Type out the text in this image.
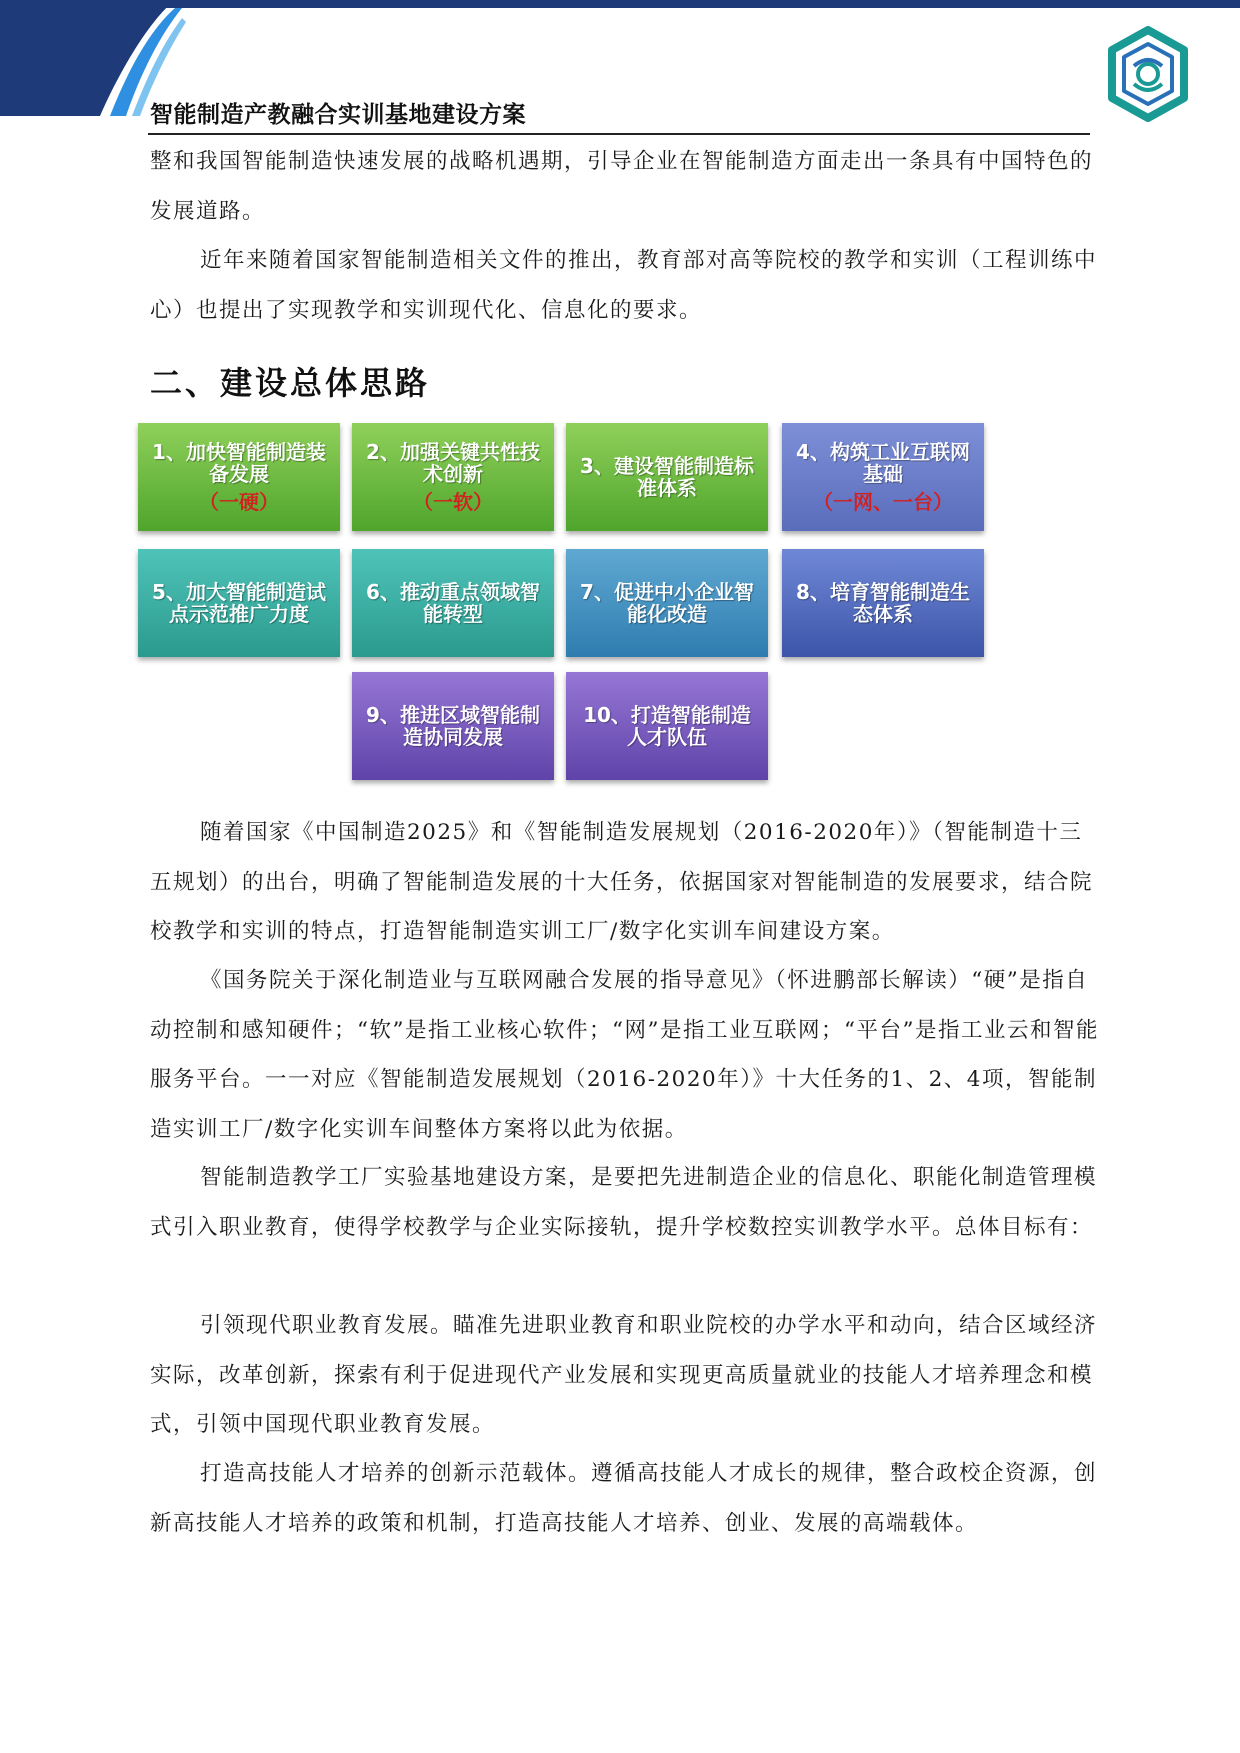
智能制造产教融合实训基地建设方案
整和我国智能制造快速发展的战略机遇期，引导企业在智能制造方面走出一条具有中国特色的发展道路。
近年来随着国家智能制造相关文件的推出，教育部对高等院校的教学和实训（工程训练中心）也提出了实现教学和实训现代化、信息化的要求。
二、建设总体思路
1、加快智能制造装备发展
（一硬）
2、加强关键共性技术创新
（一软）
3、建设智能制造标准体系
4、构筑工业互联网基础
（一网、一台）
5、加大智能制造试点示范推广力度
6、推动重点领域智能转型
7、促进中小企业智能化改造
8、培育智能制造生态体系
9、推进区域智能制造协同发展
10、打造智能制造人才队伍
随着国家《中国制造2025》和《智能制造发展规划（2016-2020年）》（智能制造十三五规划）的出台，明确了智能制造发展的十大任务，依据国家对智能制造的发展要求，结合院校教学和实训的特点，打造智能制造实训工厂/数字化实训车间建设方案。
《国务院关于深化制造业与互联网融合发展的指导意见》（怀进鹏部长解读）“硬”是指自动控制和感知硬件；“软”是指工业核心软件；“网”是指工业互联网；“平台”是指工业云和智能服务平台。一一对应《智能制造发展规划（2016-2020年）》十大任务的1、2、4项，智能制造实训工厂/数字化实训车间整体方案将以此为依据。
智能制造教学工厂实验基地建设方案，是要把先进制造企业的信息化、职能化制造管理模式引入职业教育，使得学校教学与企业实际接轨，提升学校数控实训教学水平。总体目标有：
引领现代职业教育发展。瞄准先进职业教育和职业院校的办学水平和动向，结合区域经济实际，改革创新，探索有利于促进现代产业发展和实现更高质量就业的技能人才培养理念和模式，引领中国现代职业教育发展。
打造高技能人才培养的创新示范载体。遵循高技能人才成长的规律，整合政校企资源，创新高技能人才培养的政策和机制，打造高技能人才培养、创业、发展的高端载体。
